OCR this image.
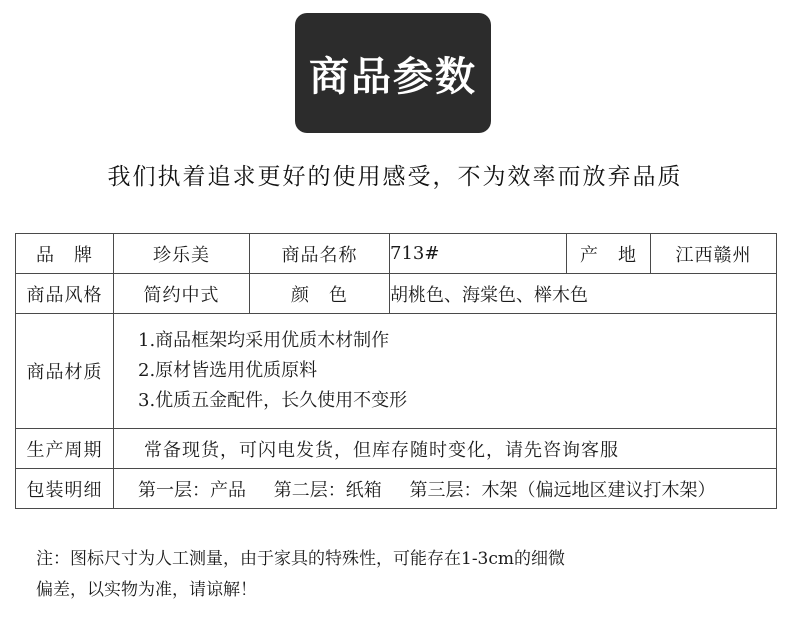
商品参数
我们执着追求更好的使用感受，不为效率而放弃品质
品　牌	珍乐美	商品名称	713#	产　地	江西赣州
商品风格	简约中式	颜　色	胡桃色、海棠色、榉木色		
商品材质	1.商品框架均采用优质木材制作
2.原材皆选用优质原料
3.优质五金配件，长久使用不变形				

生产周期	常备现货，可闪电发货，但库存随时变化，请先咨询客服				
包装明细	第一层：产品 第二层：纸箱 第三层：木架（偏远地区建议打木架）				
注：图标尺寸为人工测量，由于家具的特殊性，可能存在1-3cm的细微
偏差，以实物为准，请谅解！
